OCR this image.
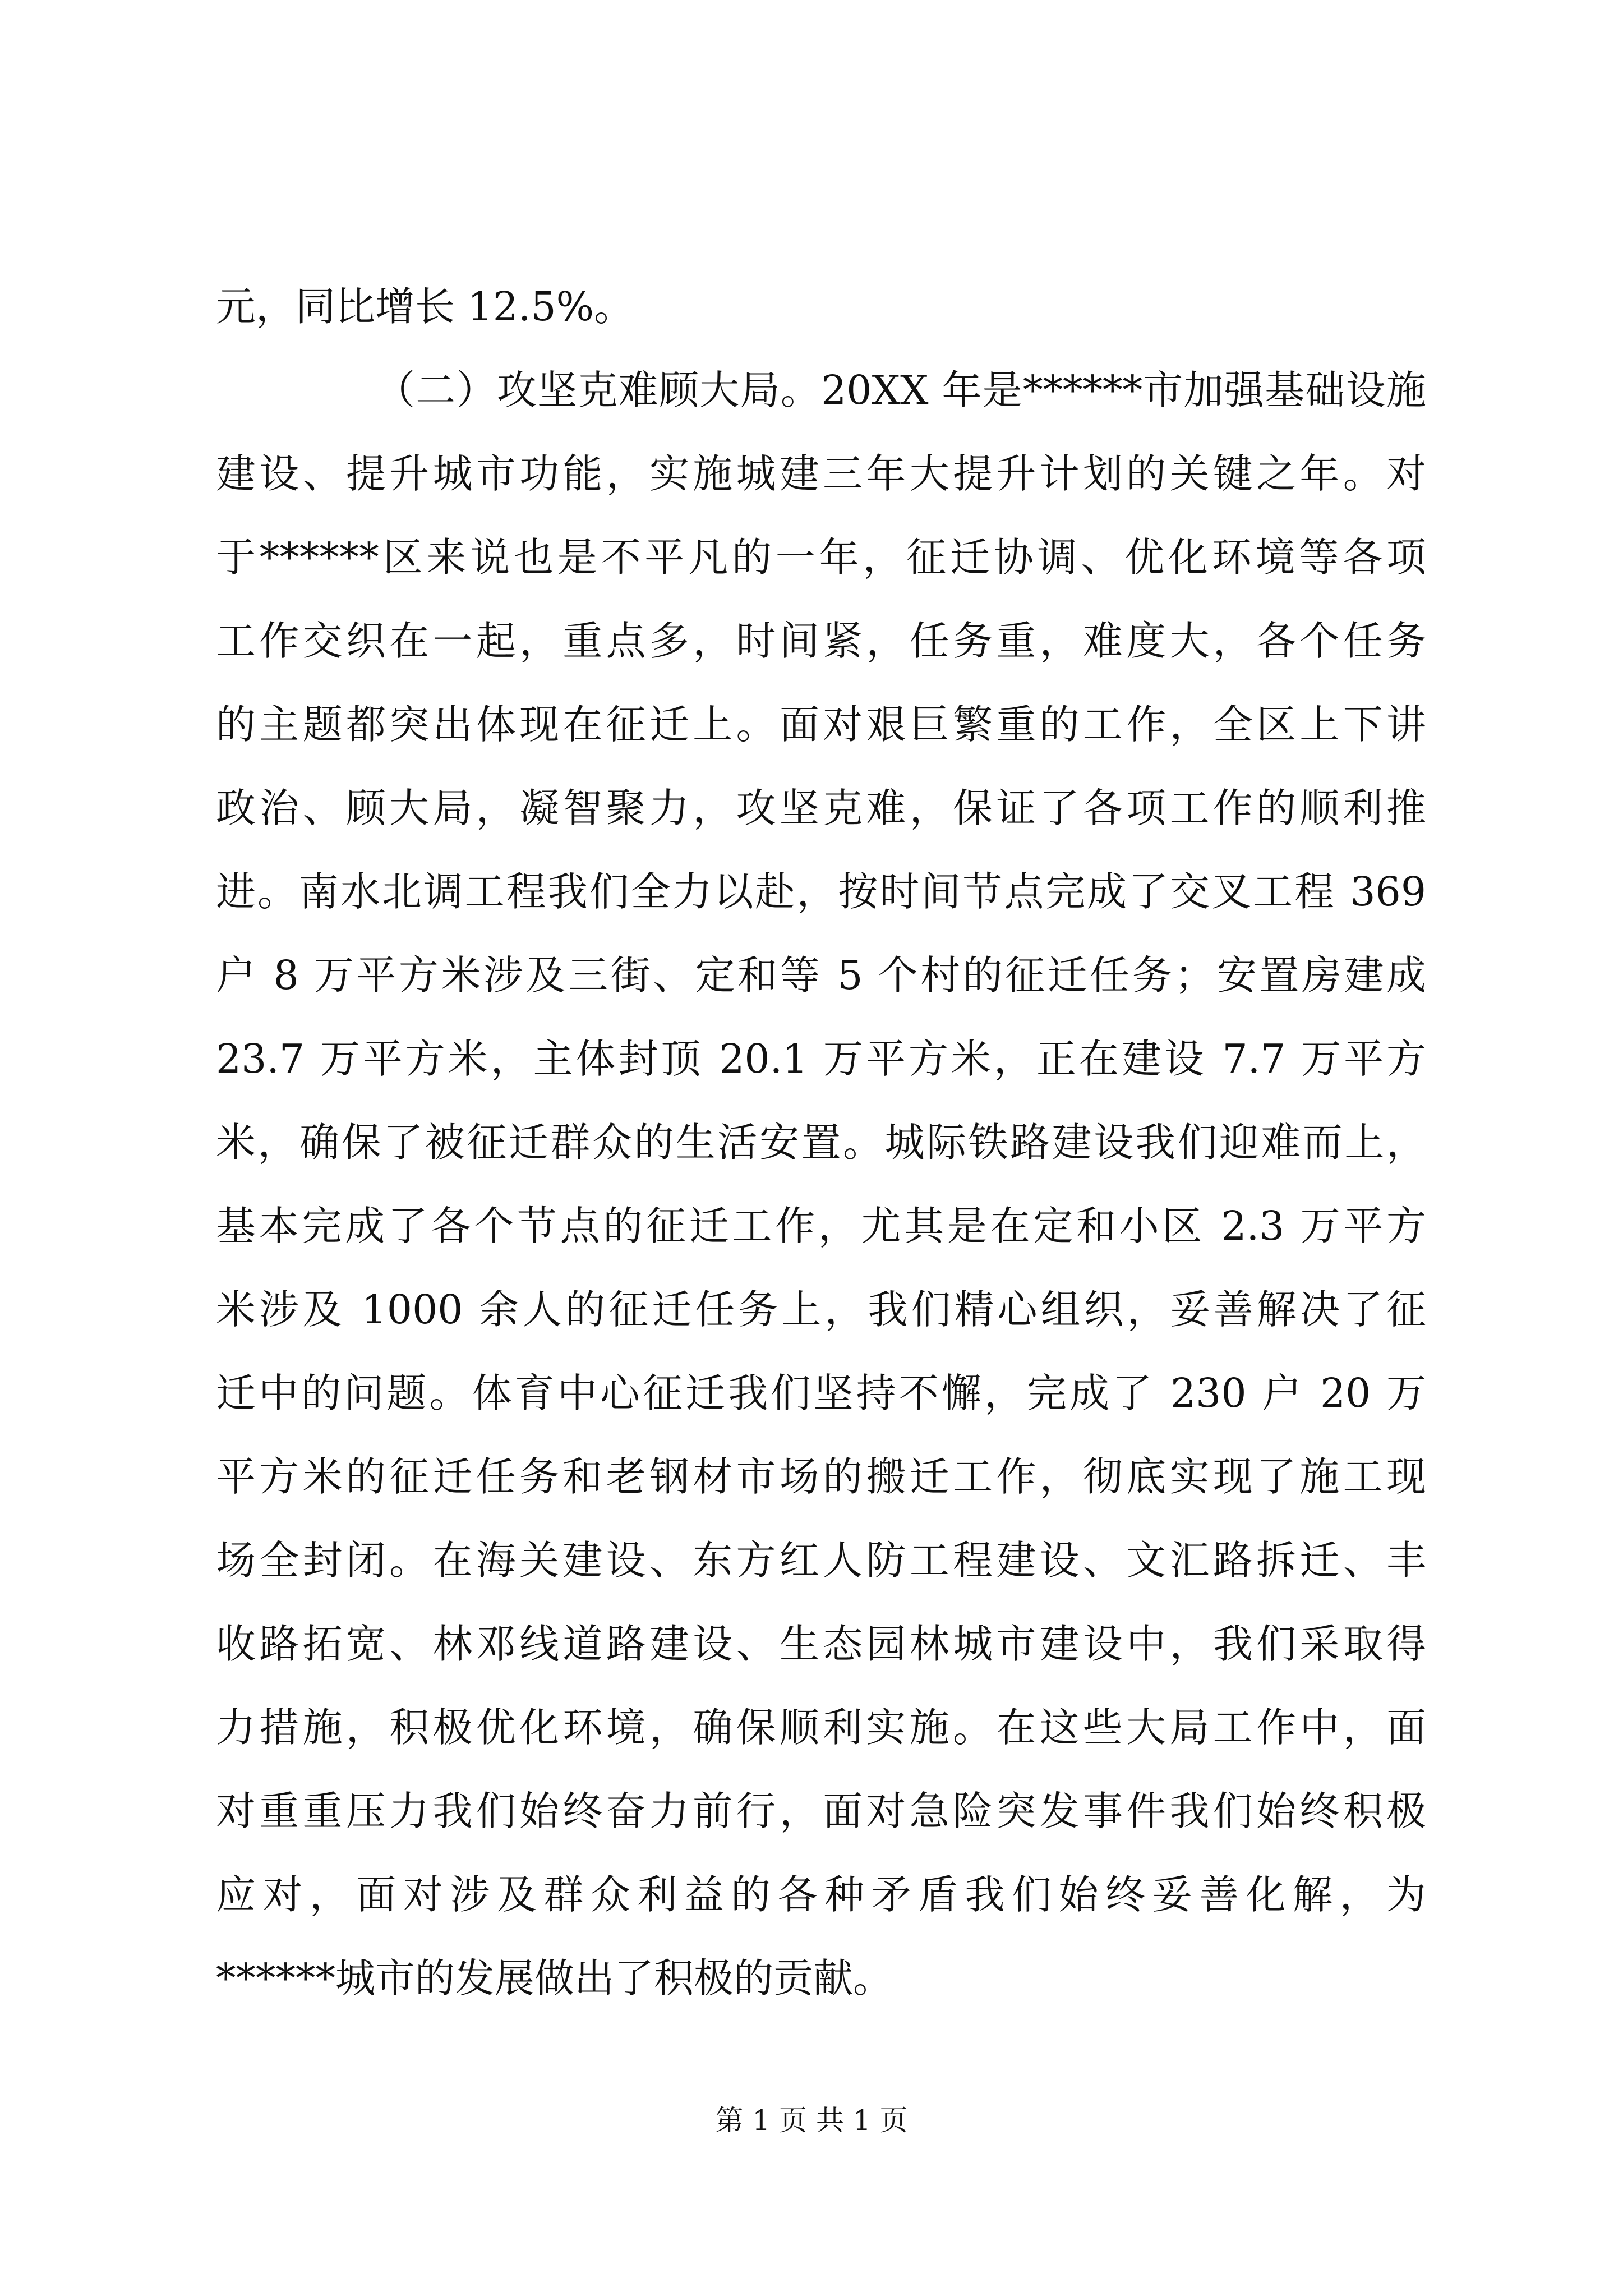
元，同比增长 12.5%。
（二）攻坚克难顾大局。20XX 年是******市加强基础设施
建设、提升城市功能，实施城建三年大提升计划的关键之年。对
于******区来说也是不平凡的一年，征迁协调、优化环境等各项
工作交织在一起，重点多，时间紧，任务重，难度大，各个任务
的主题都突出体现在征迁上。面对艰巨繁重的工作，全区上下讲
政治、顾大局，凝智聚力，攻坚克难，保证了各项工作的顺利推
进。南水北调工程我们全力以赴，按时间节点完成了交叉工程 369
户 8 万平方米涉及三街、定和等 5 个村的征迁任务；安置房建成
23.7 万平方米，主体封顶 20.1 万平方米，正在建设 7.7 万平方
米，确保了被征迁群众的生活安置。城际铁路建设我们迎难而上，
基本完成了各个节点的征迁工作，尤其是在定和小区 2.3 万平方
米涉及 1000 余人的征迁任务上，我们精心组织，妥善解决了征
迁中的问题。体育中心征迁我们坚持不懈，完成了 230 户 20 万
平方米的征迁任务和老钢材市场的搬迁工作，彻底实现了施工现
场全封闭。在海关建设、东方红人防工程建设、文汇路拆迁、丰
收路拓宽、林邓线道路建设、生态园林城市建设中，我们采取得
力措施，积极优化环境，确保顺利实施。在这些大局工作中，面
对重重压力我们始终奋力前行，面对急险突发事件我们始终积极
应对，面对涉及群众利益的各种矛盾我们始终妥善化解，为
******城市的发展做出了积极的贡献。
第 1 页 共 1 页
